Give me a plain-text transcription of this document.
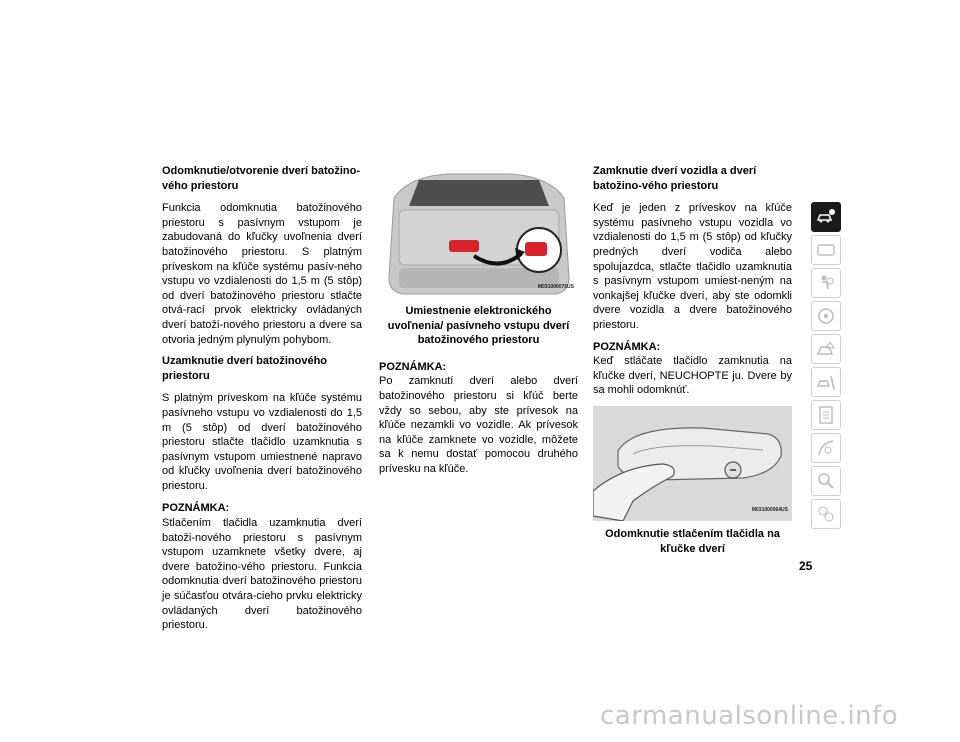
Odomknutie/otvorenie dverí batožino-vého priestoru

Funkcia odomknutia batožinového priestoru s pasívnym vstupom je zabudovaná do kľučky uvoľnenia dverí batožinového priestoru. S platným príveskom na kľúče systému pasív-neho vstupu vo vzdialenosti do 1,5 m (5 stôp) od dverí batožinového priestoru stlačte otvá-rací prvok elektricky ovládaných dverí batoži-nového priestoru a dvere sa otvoria jedným plynulým pohybom.

Uzamknutie dverí batožinového priestoru

S platným príveskom na kľúče systému pasívneho vstupu vo vzdialenosti do 1,5 m (5 stôp) od dverí batožinového priestoru stlačte tlačidlo uzamknutia s pasívnym vstupom umiestnené napravo od kľučky uvoľnenia dverí batožinového priestoru.

POZNÁMKA:

Stlačením tlačidla uzamknutia dverí batoži-nového priestoru s pasívnym vstupom uzamknete všetky dvere, aj dvere batožino-vého priestoru. Funkcia odomknutia dverí batožinového priestoru je súčasťou otvára-cieho prvku elektricky ovládaných dverí batožinového priestoru.

M031000075US

Umiestnenie elektronického uvoľnenia/ pasívneho vstupu dverí batožinového priestoru

POZNÁMKA:

Po zamknutí dverí alebo dverí batožinového priestoru si kľúč berte vždy so sebou, aby ste prívesok na kľúče nezamkli vo vozidle. Ak prívesok na kľúče zamknete vo vozidle, môžete sa k nemu dostať pomocou druhého prívesku na kľúče.

Zamknutie dverí vozidla a dverí batožino-vého priestoru

Keď je jeden z príveskov na kľúče systému pasívneho vstupu vozidla vo vzdialenosti do 1,5 m (5 stôp) od kľučky predných dverí vodiča alebo spolujazdca, stlačte tlačidlo uzamknutia s pasívnym vstupom umiest-neným na vonkajšej kľučke dverí, aby ste odomkli dvere vozidla a dvere batožinového priestoru.

POZNÁMKA:

Keď stláčate tlačidlo zamknutia na kľučke dverí, NEUCHOPTE ju. Dvere by sa mohli odomknúť.

M031000064US

Odomknutie stlačením tlačidla na kľučke dverí

25
carmanualsonline.info
